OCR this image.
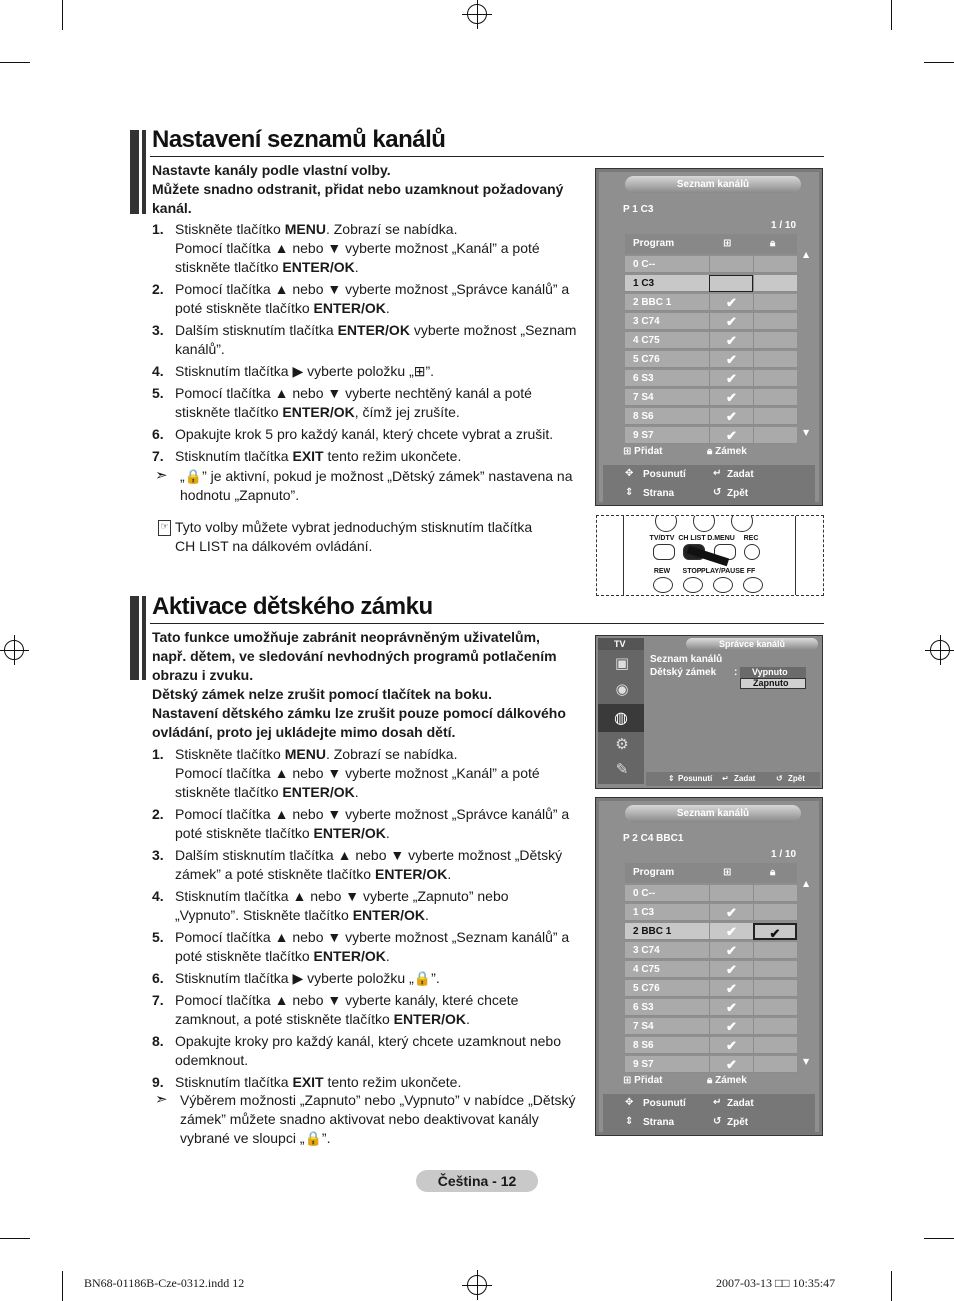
Nastavení seznamů kanálů
Nastavte kanály podle vlastní volby.
Můžete snadno odstranit, přidat nebo uzamknout požadovaný
kanál.
1. Stiskněte tlačítko MENU. Zobrazí se nabídka.
Pomocí tlačítka ▲ nebo ▼ vyberte možnost „Kanál” a poté
stiskněte tlačítko ENTER/OK.
2. Pomocí tlačítka ▲ nebo ▼ vyberte možnost „Správce kanálů” a
poté stiskněte tlačítko ENTER/OK.
3. Dalším stisknutím tlačítka ENTER/OK vyberte možnost „Seznam
kanálů”.
4. Stisknutím tlačítka ▶ vyberte položku „⊞”.
5. Pomocí tlačítka ▲ nebo ▼ vyberte nechtěný kanál a poté
stiskněte tlačítko ENTER/OK, čímž jej zrušíte.
6. Opakujte krok 5 pro každý kanál, který chcete vybrat a zrušit.
7. Stisknutím tlačítka EXIT tento režim ukončete.
➣ „🔒” je aktivní, pokud je možnost „Dětský zámek” nastavena na
hodnotu „Zapnuto”.
☞ Tyto volby můžete vybrat jednoduchým stisknutím tlačítka
CH LIST na dálkovém ovládání.
Seznam kanálů
P 1 C3
1 / 10
Program	⊞	🔒︎
0 C--
1 C3
2 BBC 1	✔
3 C74	✔
4 C75	✔
5 C76	✔
6 S3	✔
7 S4	✔
8 S6	✔
9 S7	✔
▲
▼
⊞ Přidat	🔒︎ Zámek
✥ Posunutí	↵ Zadat
⇕ Strana	↺ Zpět
TV/DTV CH LIST D.MENU	REC
REW	STOP PLAY/PAUSE FF
Aktivace dětského zámku
Tato funkce umožňuje zabránit neoprávněným uživatelům,
např. dětem, ve sledování nevhodných programů potlačením
obrazu i zvuku.
Dětský zámek nelze zrušit pomocí tlačítek na boku.
Nastavení dětského zámku lze zrušit pouze pomocí dálkového
ovládání, proto jej ukládejte mimo dosah dětí.
1. Stiskněte tlačítko MENU. Zobrazí se nabídka.
Pomocí tlačítka ▲ nebo ▼ vyberte možnost „Kanál” a poté
stiskněte tlačítko ENTER/OK.
2. Pomocí tlačítka ▲ nebo ▼ vyberte možnost „Správce kanálů” a
poté stiskněte tlačítko ENTER/OK.
3. Dalším stisknutím tlačítka ▲ nebo ▼ vyberte možnost „Dětský
zámek” a poté stiskněte tlačítko ENTER/OK.
4. Stisknutím tlačítka ▲ nebo ▼ vyberte „Zapnuto” nebo
„Vypnuto”. Stiskněte tlačítko ENTER/OK.
5. Pomocí tlačítka ▲ nebo ▼ vyberte možnost „Seznam kanálů” a
poté stiskněte tlačítko ENTER/OK.
6. Stisknutím tlačítka ▶ vyberte položku „🔒”.
7. Pomocí tlačítka ▲ nebo ▼ vyberte kanály, které chcete
zamknout, a poté stiskněte tlačítko ENTER/OK.
8. Opakujte kroky pro každý kanál, který chcete uzamknout nebo
odemknout.
9. Stisknutím tlačítka EXIT tento režim ukončete.
➣ Výběrem možnosti „Zapnuto” nebo „Vypnuto” v nabídce „Dětský
zámek” můžete snadno aktivovat nebo deaktivovat kanály
vybrané ve sloupci „🔒”.
TV
▣
◉
◍
⚙
✎
Správce kanálů
Seznam kanálů
Dětský zámek :	Vypnuto
Zapnuto
⇕ Posunutí ↵ Zadat	↺ Zpět
Seznam kanálů
P 2 C4 BBC1
1 / 10
Program	⊞	🔒︎
0 C--
1 C3	✔
2 BBC 1	✔	✔
3 C74	✔
4 C75	✔
5 C76	✔
6 S3	✔
7 S4	✔
8 S6	✔
9 S7	✔
▲
▼
⊞ Přidat	🔒︎ Zámek
✥ Posunutí	↵ Zadat
⇕ Strana	↺ Zpět
Čeština - 12
BN68-01186B-Cze-0312.indd 12	2007-03-13 □□ 10:35:47
